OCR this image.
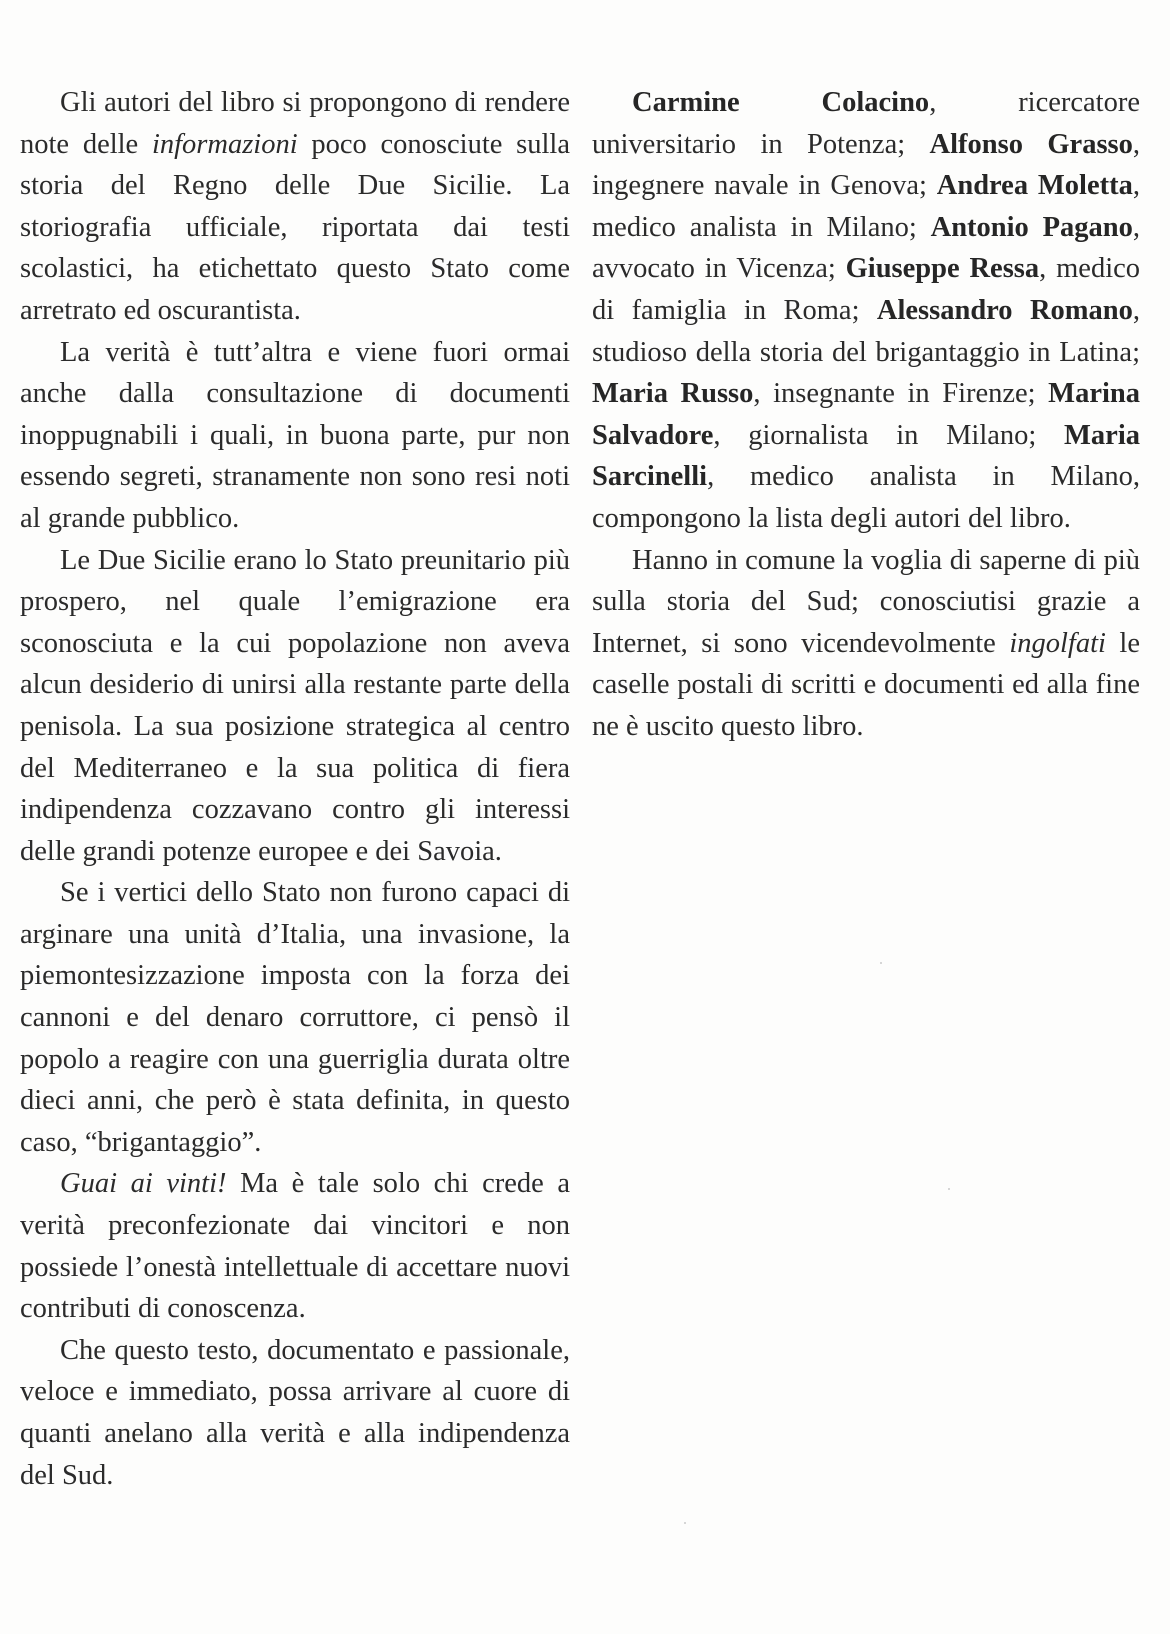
Gli autori del libro si propongono di rendere note delle informazioni poco conosciute sulla storia del Regno delle Due Sicilie. La storiografia ufficiale, riportata dai testi scolastici, ha etichettato questo Stato come arretrato ed oscurantista.

La verità è tutt’altra e viene fuori ormai anche dalla consultazione di documenti inoppugnabili i quali, in buona parte, pur non essendo segreti, stranamente non sono resi noti al grande pubblico.

Le Due Sicilie erano lo Stato preunitario più prospero, nel quale l’emigrazione era sconosciuta e la cui popolazione non aveva alcun desiderio di unirsi alla restante parte della penisola. La sua posizione strategica al centro del Mediterraneo e la sua politica di fiera indipendenza cozzavano contro gli interessi delle grandi potenze europee e dei Savoia.

Se i vertici dello Stato non furono capaci di arginare una unità d’Italia, una invasione, la piemontesizzazione imposta con la forza dei cannoni e del denaro corruttore, ci pensò il popolo a reagire con una guerriglia durata oltre dieci anni, che però è stata definita, in questo caso, “brigantaggio”.

Guai ai vinti! Ma è tale solo chi crede a verità preconfezionate dai vincitori e non possiede l’onestà intellettuale di accettare nuovi contributi di conoscenza.

Che questo testo, documentato e passionale, veloce e immediato, possa arrivare al cuore di quanti anelano alla verità e alla indipendenza del Sud.

Carmine Colacino, ricercatore universitario in Potenza; Alfonso Grasso, ingegnere navale in Genova; Andrea Moletta, medico analista in Milano; Antonio Pagano, avvocato in Vicenza; Giuseppe Ressa, medico di famiglia in Roma; Alessandro Romano, studioso della storia del brigantaggio in Latina; Maria Russo, insegnante in Firenze; Marina Salvadore, giornalista in Milano; Maria Sarcinelli, medico analista in Milano, compongono la lista degli autori del libro.

Hanno in comune la voglia di saperne di più sulla storia del Sud; conosciutisi grazie a Internet, si sono vicendevolmente ingolfati le caselle postali di scritti e documenti ed alla fine ne è uscito questo libro.
